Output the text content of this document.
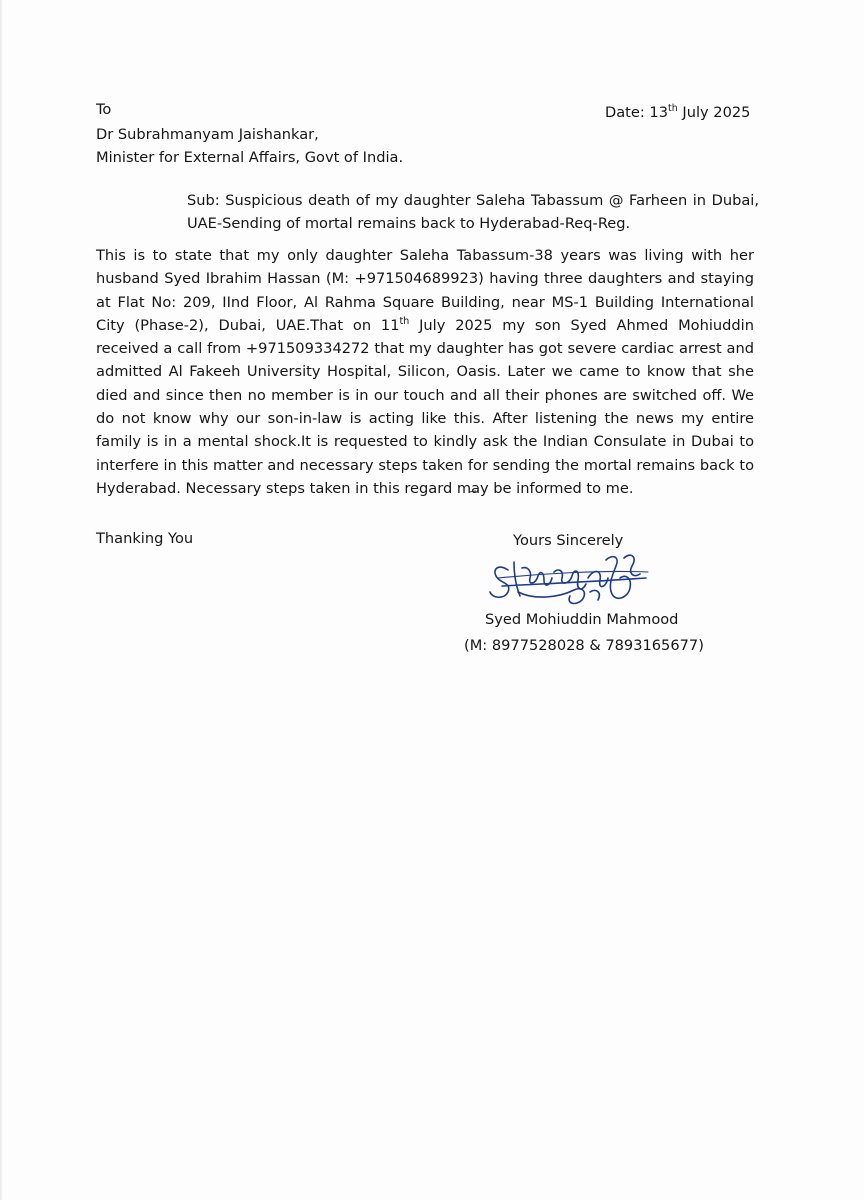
To	Date: 13th July 2025
Dr Subrahmanyam Jaishankar,
Minister for External Affairs, Govt of India.
Sub: Suspicious death of my daughter Saleha Tabassum @ Farheen in Dubai, UAE-Sending of mortal remains back to Hyderabad-Req-Reg.

This is to state that my only daughter Saleha Tabassum-38 years was living with her husband Syed Ibrahim Hassan (M: +971504689923) having three daughters and staying at Flat No: 209, IInd Floor, Al Rahma Square Building, near MS-1 Building International City (Phase-2), Dubai, UAE.That on 11th July 2025 my son Syed Ahmed Mohiuddin received a call from +971509334272 that my daughter has got severe cardiac arrest and admitted Al Fakeeh University Hospital, Silicon, Oasis. Later we came to know that she died and since then no member is in our touch and all their phones are switched off. We do not know why our son-in-law is acting like this. After listening the news my entire family is in a mental shock.It is requested to kindly ask the Indian Consulate in Dubai to interfere in this matter and necessary steps taken for sending the mortal remains back to Hyderabad. Necessary steps taken in this regard may be informed to me.

Thanking You	Yours Sincerely
Syed Mohiuddin Mahmood
(M: 8977528028 & 7893165677)
